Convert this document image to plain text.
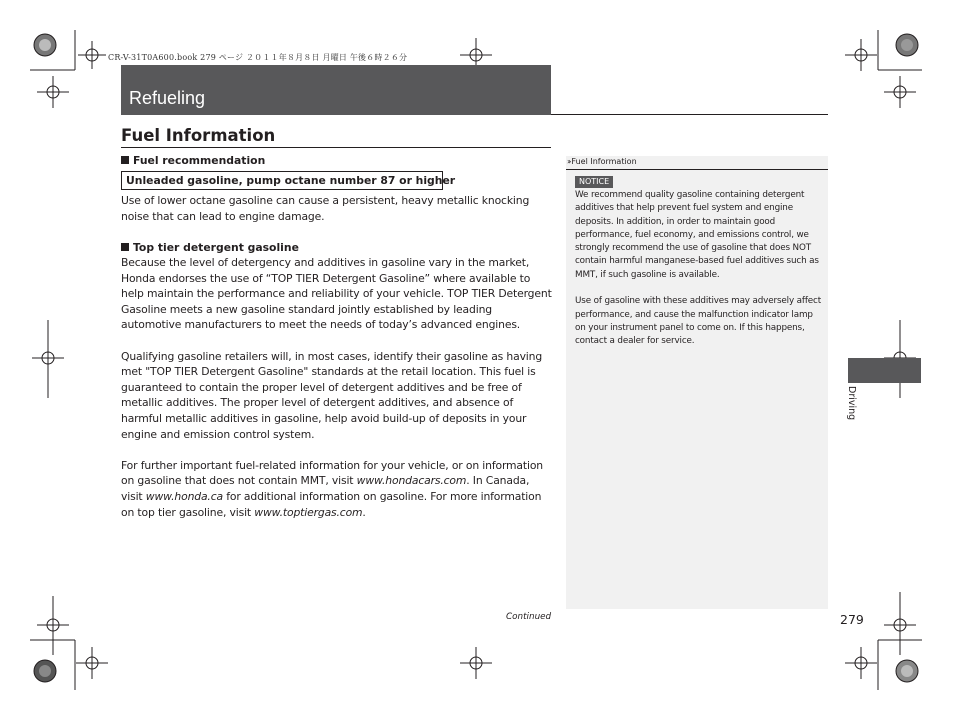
CR-V-31T0A600.book 279 ページ ２０１１年８月８日 月曜日 午後６時２６分
Refueling
Fuel Information
Fuel recommendation
Unleaded gasoline, pump octane number 87 or higher

Use of lower octane gasoline can cause a persistent, heavy metallic knocking noise that can lead to engine damage.

Top tier detergent gasoline

Because the level of detergency and additives in gasoline vary in the market, Honda endorses the use of “TOP TIER Detergent Gasoline” where available to help maintain the performance and reliability of your vehicle. TOP TIER Detergent Gasoline meets a new gasoline standard jointly established by leading automotive manufacturers to meet the needs of today’s advanced engines.

Qualifying gasoline retailers will, in most cases, identify their gasoline as having met "TOP TIER Detergent Gasoline" standards at the retail location. This fuel is guaranteed to contain the proper level of detergent additives and be free of metallic additives. The proper level of detergent additives, and absence of harmful metallic additives in gasoline, help avoid build-up of deposits in your engine and emission control system.

For further important fuel-related information for your vehicle, or on information on gasoline that does not contain MMT, visit www.hondacars.com. In Canada, visit www.honda.ca for additional information on gasoline. For more information on top tier gasoline, visit www.toptiergas.com.

›› Fuel Information
NOTICE

We recommend quality gasoline containing detergent additives that help prevent fuel system and engine deposits. In addition, in order to maintain good performance, fuel economy, and emissions control, we strongly recommend the use of gasoline that does NOT contain harmful manganese-based fuel additives such as MMT, if such gasoline is available.

Use of gasoline with these additives may adversely affect performance, and cause the malfunction indicator lamp on your instrument panel to come on. If this happens, contact a dealer for service.

Driving
Continued	279
